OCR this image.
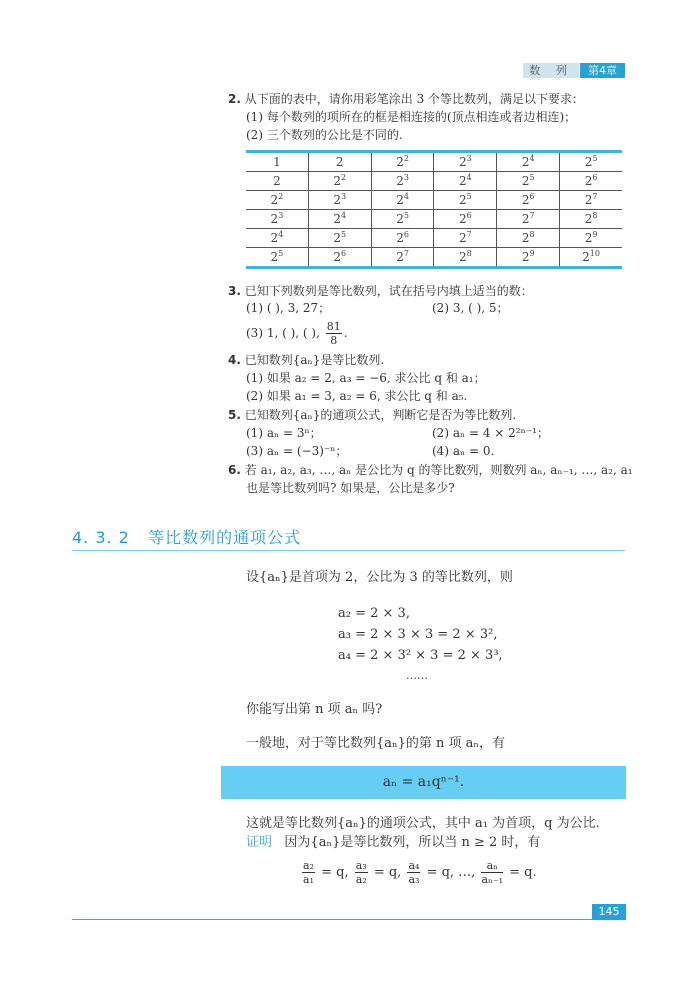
数 列	第4章
2. 从下面的表中，请你用彩笔涂出 3 个等比数列，满足以下要求：
(1) 每个数列的项所在的框是相连接的(顶点相连或者边相连)；
(2) 三个数列的公比是不同的.
1	2	$2^2$	$2^3$	$2^4$	$2^5$
2	$2^2$	$2^3$	$2^4$	$2^5$	$2^6$
$2^2$	$2^3$	$2^4$	$2^5$	$2^6$	$2^7$
$2^3$	$2^4$	$2^5$	$2^6$	$2^7$	$2^8$
$2^4$	$2^5$	$2^6$	$2^7$	$2^8$	$2^9$
$2^5$	$2^6$	$2^7$	$2^8$	$2^9$	$2^{10}$
3. 已知下列数列是等比数列，试在括号内填上适当的数：
(1) ( ), 3, 27；	(2) 3, ( ), 5；
(3) 1, ( ), ( ), $\frac{81}{8}$ .
4. 已知数列{aₙ}是等比数列.
(1) 如果 a₂ = 2, a₃ = −6, 求公比 q 和 a₁；
(2) 如果 a₁ = 3, a₂ = 6, 求公比 q 和 a₅.
5. 已知数列{aₙ}的通项公式，判断它是否为等比数列.
(1) aₙ = 3ⁿ；	(2) aₙ = 4 × 2²ⁿ⁻¹；
(3) aₙ = (−3)⁻ⁿ；	(4) aₙ = 0.
6. 若 a₁, a₂, a₃, …, aₙ 是公比为 q 的等比数列，则数列 aₙ, aₙ₋₁, …, a₂, a₁
也是等比数列吗? 如果是，公比是多少?
4. 3. 2 等比数列的通项公式
设{aₙ}是首项为 2，公比为 3 的等比数列，则
a₂ = 2 × 3,
a₃ = 2 × 3 × 3 = 2 × 3²,
a₄ = 2 × 3² × 3 = 2 × 3³,
……
你能写出第 n 项 aₙ 吗?
一般地，对于等比数列{aₙ}的第 n 项 aₙ，有
aₙ = a₁qⁿ⁻¹.
这就是等比数列{aₙ}的通项公式，其中 a₁ 为首项，q 为公比.
证明 因为{aₙ}是等比数列，所以当 n ≥ 2 时，有
$\frac{\text{a₂}}{\text{a₁}} = q$, $\frac{\text{a₃}}{\text{a₂}} = q$, $\frac{\text{a₄}}{\text{a₃}} = q$, …, $\frac{\text{aₙ}}{\text{aₙ₋₁}} = q$.
145
